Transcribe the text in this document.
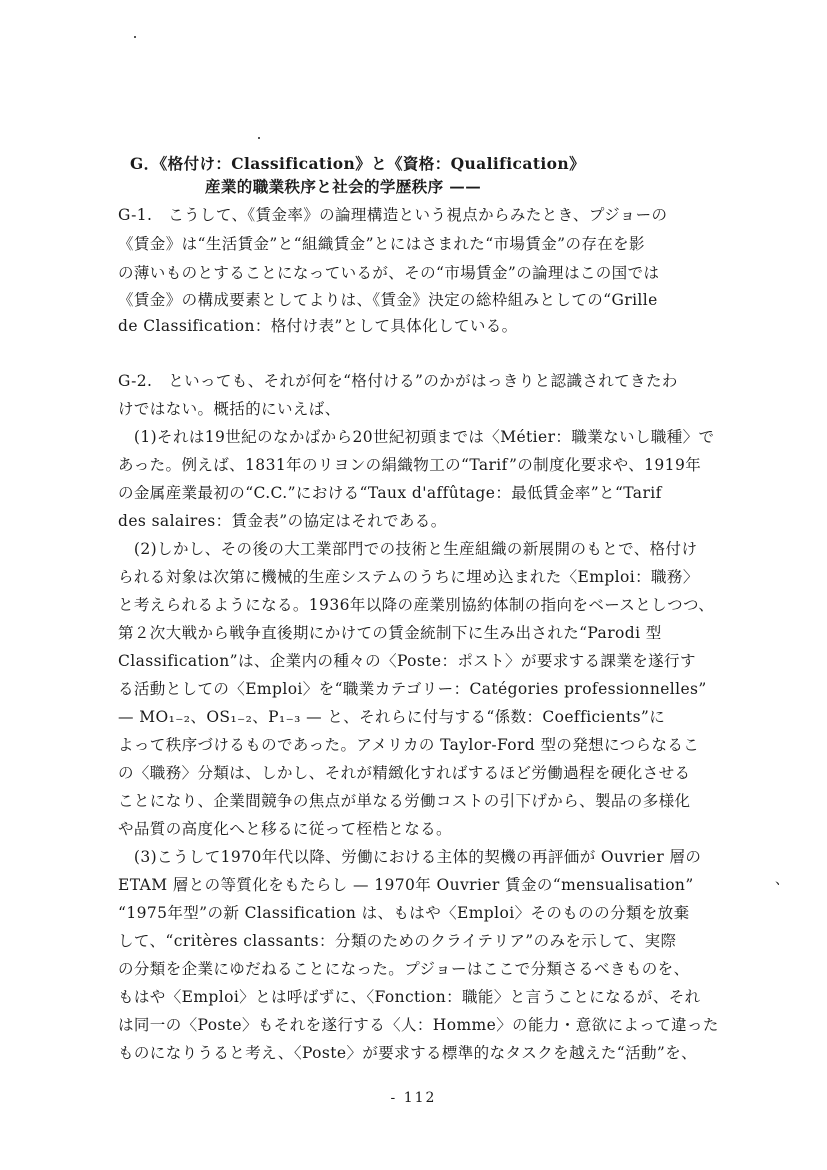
G．《格付け：Classification》と《資格：Qualification》
産業的職業秩序と社会的学歴秩序 ——
G-1.　こうして、《賃金率》の論理構造という視点からみたとき、プジョーの
《賃金》は“生活賃金”と“組織賃金”とにはさまれた“市場賃金”の存在を影
の薄いものとすることになっているが、その“市場賃金”の論理はこの国では
《賃金》の構成要素としてよりは、《賃金》決定の総枠組みとしての“Grille
de Classification：格付け表”として具体化している。
G-2.　といっても、それが何を“格付ける”のかがはっきりと認識されてきたわ
けではない。概括的にいえば、
　(1)それは19世紀のなかばから20世紀初頭までは〈Métier：職業ないし職種〉で
あった。例えば、1831年のリヨンの絹織物工の“Tarif”の制度化要求や、1919年
の金属産業最初の“C.C.”における“Taux d'affûtage：最低賃金率”と“Tarif
des salaires：賃金表”の協定はそれである。
　(2)しかし、その後の大工業部門での技術と生産組織の新展開のもとで、格付け
られる対象は次第に機械的生産システムのうちに埋め込まれた〈Emploi：職務〉
と考えられるようになる。1936年以降の産業別協約体制の指向をベースとしつつ、
第２次大戦から戦争直後期にかけての賃金統制下に生み出された“Parodi 型
Classification”は、企業内の種々の〈Poste：ポスト〉が要求する課業を遂行す
る活動としての〈Emploi〉を“職業カテゴリー：Catégories professionnelles”
— MO₁₋₂、OS₁₋₂、P₁₋₃ — と、それらに付与する“係数：Coefficients”に
よって秩序づけるものであった。アメリカの Taylor-Ford 型の発想につらなるこ
の〈職務〉分類は、しかし、それが精緻化すればするほど労働過程を硬化させる
ことになり、企業間競争の焦点が単なる労働コストの引下げから、製品の多様化
や品質の高度化へと移るに従って桎梏となる。
　(3)こうして1970年代以降、労働における主体的契機の再評価が Ouvrier 層の
ETAM 層との等質化をもたらし — 1970年 Ouvrier 賃金の“mensualisation”
“1975年型”の新 Classification は、もはや〈Emploi〉そのものの分類を放棄
して、“critères classants：分類のためのクライテリア”のみを示して、実際
の分類を企業にゆだねることになった。プジョーはここで分類さるべきものを、
もはや〈Emploi〉とは呼ばずに、〈Fonction：職能〉と言うことになるが、それ
は同一の〈Poste〉もそれを遂行する〈人：Homme〉の能力・意欲によって違った
ものになりうると考え、〈Poste〉が要求する標準的なタスクを越えた“活動”を、
、
- 112
